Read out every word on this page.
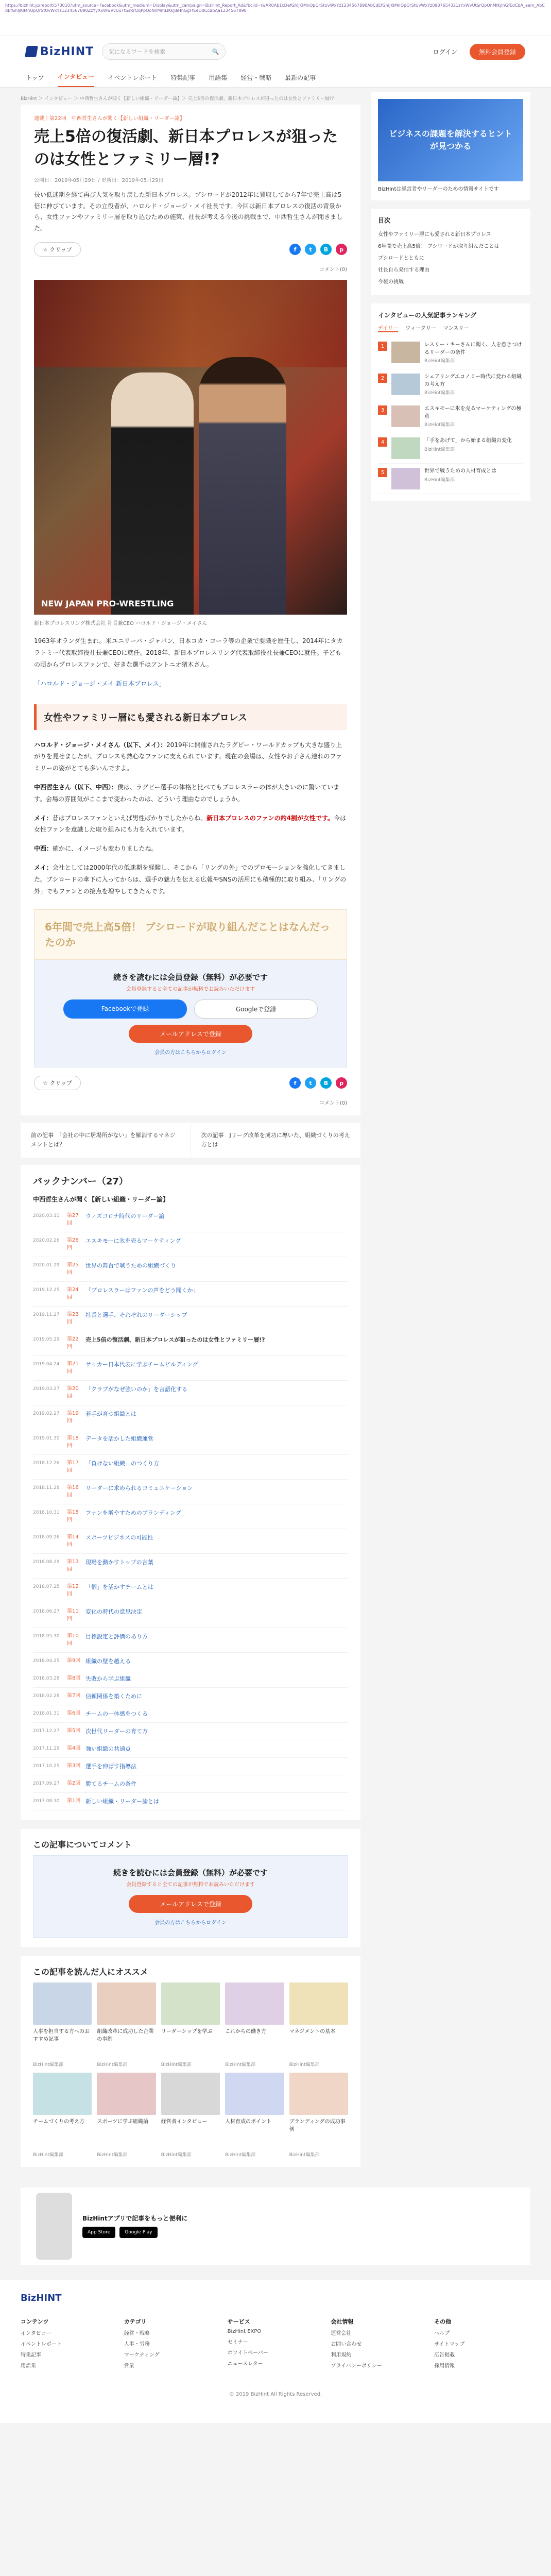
https://bizhint.jp/report/570010?utm_source=Facebook&utm_medium=Display&utm_campaign=BizHint_Report_Ad&fbclid=IwAR0Ab1cDefGhIjKlMnOpQrStUvWxYz1234567890AbCdEfGhIjKlMnOpQrStUvWxYz0987654321zYxWvUtSrQpOnMlKjIhGfEdCbA_aem_AbCdEfGhIjKlMnOpQrStUvWxYz1234567890ZzYyXxWwVvUuTtSsRrQqPpOoNnMmLlKkJjIiHhGgFfEeDdCcBbAa1234567890
BizHINT	気になるワードを検索	🔍	ログイン	無料会員登録
トップ インタビュー イベントレポート 特集記事 用語集 経営・戦略 最新の記事
BizHint ＞ インタビュー ＞ 中西哲生さんが聞く【新しい組織・リーダー論】＞ 売上5倍の復活劇、新日本プロレスが狙ったのは女性とファミリー層!?
連載｜第22回　中西哲生さんが聞く【新しい組織・リーダー論】
売上5倍の復活劇、新日本プロレスが狙ったのは女性とファミリー層!?
公開日：2019年05月29日 / 更新日：2019年05月29日

長い低迷期を経て再び人気を取り戻した新日本プロレス。ブシロードが2012年に買収してから7年で売上高は5倍に伸びています。その立役者が、ハロルド・ジョージ・メイ社長です。今回は新日本プロレスの復活の背景から、女性ファンやファミリー層を取り込むための施策、社長が考える今後の挑戦まで、中西哲生さんが聞きました。

☆ クリップ	f	t	B	p
コメント(0)
NEW JAPAN PRO-WRESTLING
新日本プロレスリング株式会社 社長兼CEO ハロルド・ジョージ・メイさん

1963年オランダ生まれ。米ユニリーバ・ジャパン、日本コカ・コーラ等の企業で要職を歴任し、2014年にタカラトミー代表取締役社長兼CEOに就任。2018年、新日本プロレスリング代表取締役社長兼CEOに就任。子どもの頃からプロレスファンで、好きな選手はアントニオ猪木さん。

「ハロルド・ジョージ・メイ 新日本プロレス」

女性やファミリー層にも愛される新日本プロレス

ハロルド・ジョージ・メイさん（以下、メイ）：2019年に開催されたラグビー・ワールドカップも大きな盛り上がりを見せましたが、プロレスも熱心なファンに支えられています。現在の会場は、女性やお子さん連れのファミリーの姿がとても多いんですよ。

中西哲生さん（以下、中西）：僕は、ラグビー選手の体格と比べてもプロレスラーの体が大きいのに驚いています。会場の雰囲気がここまで変わったのは、どういう理由なのでしょうか。

メイ：昔はプロレスファンといえば男性ばかりでしたからね。新日本プロレスのファンの約4割が女性です。今は女性ファンを意識した取り組みにも力を入れています。

中西：確かに、イメージも変わりましたね。

メイ：会社としては2000年代の低迷期を経験し、そこから「リングの外」でのプロモーションを強化してきました。ブシロードの傘下に入ってからは、選手の魅力を伝える広報やSNSの活用にも積極的に取り組み、「リングの外」でもファンとの接点を増やしてきたんです。

6年間で売上高5倍！ ブシロードが取り組んだことはなんだったのか
続きを読むには会員登録（無料）が必要です
会員登録すると全ての記事が無料でお読みいただけます
Facebookで登録	Googleで登録
メールアドレスで登録
会員の方はこちらからログイン
☆ クリップ	f	t	B	p
コメント(0)
前の記事　「会社の中に居場所がない」を解消するマネジメントとは？
次の記事　Jリーグ改革を成功に導いた、組織づくりの考え方とは
バックナンバー（27）
中西哲生さんが聞く【新しい組織・リーダー論】
2020.03.11	第27回
ウィズコロナ時代のリーダー論
2020.02.26	第26回
エスキモーに氷を売るマーケティング
2020.01.29	第25回
世界の舞台で戦うための組織づくり
2019.12.25	第24回
「プロレスラーはファンの声をどう聞くか」
2019.11.27	第23回
社長と選手、それぞれのリーダーシップ
2019.05.29	第22回
売上5倍の復活劇、新日本プロレスが狙ったのは女性とファミリー層!?
2019.04.24	第21回
サッカー日本代表に学ぶチームビルディング
2019.03.27	第20回
「クラブがなぜ強いのか」を言語化する
2019.02.27	第19回
若手が育つ組織とは
2019.01.30	第18回
データを活かした組織運営
2018.12.26	第17回
「負けない組織」のつくり方
2018.11.28	第16回
リーダーに求められるコミュニケーション
2018.10.31	第15回
ファンを増やすためのブランディング
2018.09.26	第14回
スポーツビジネスの可能性
2018.08.29	第13回
現場を動かすトップの言葉
2018.07.25	第12回
「個」を活かすチームとは
2018.06.27	第11回
変化の時代の意思決定
2018.05.30	第10回
目標設定と評価のあり方
2018.04.25	第9回 組織の壁を越える
2018.03.28	第8回 失敗から学ぶ組織
2018.02.28	第7回 信頼関係を築くために
2018.01.31	第6回 チームの一体感をつくる
2017.12.27	第5回 次世代リーダーの育て方
2017.11.29	第4回 強い組織の共通点
2017.10.25	第3回 選手を伸ばす指導法
2017.09.27	第2回 勝てるチームの条件
2017.08.30	第1回 新しい組織・リーダー論とは
この記事についてコメント
続きを読むには会員登録（無料）が必要です
会員登録すると全ての記事が無料でお読みいただけます
メールアドレスで登録
会員の方はこちらからログイン
この記事を読んだ人にオススメ
人事を担当する方へのおすすめ記事
BizHint編集部
組織改革に成功した企業の事例
BizHint編集部
リーダーシップを学ぶ
BizHint編集部
これからの働き方
BizHint編集部
マネジメントの基本
BizHint編集部
チームづくりの考え方
BizHint編集部
スポーツに学ぶ組織論
BizHint編集部
経営者インタビュー
BizHint編集部
人材育成のポイント
BizHint編集部
ブランディングの成功事例
BizHint編集部
ビジネスの課題を解決するヒントが見つかる
BizHintは経営者やリーダーのための情報サイトです
目次
女性やファミリー層にも愛される新日本プロレス
6年間で売上高5倍！ ブシロードが取り組んだことは
ブシロードとともに
社長自ら発信する理由
今後の挑戦
インタビューの人気記事ランキング
デイリー ウィークリー マンスリー
1	レスリー・キーさんに聞く、人を惹きつけるリーダーの条件
BizHint編集部
2	シェアリングエコノミー時代に変わる組織の考え方
BizHint編集部
3	エスキモーに氷を売るマーケティングの極意
BizHint編集部
4	「手をあげて」から始まる組織の変化
BizHint編集部
5	世界で戦うための人材育成とは
BizHint編集部
BizHintアプリで記事をもっと便利に
App Store	Google Play
BizHINT
コンテンツ
インタビュー
イベントレポート
特集記事
用語集
カテゴリ
経営・戦略
人事・労務
マーケティング
営業
サービス
BizHint EXPO
セミナー
ホワイトペーパー
ニュースレター
会社情報
運営会社
お問い合わせ
利用規約
プライバシーポリシー
その他
ヘルプ
サイトマップ
広告掲載
採用情報
© 2019 BizHint All Rights Reserved.
